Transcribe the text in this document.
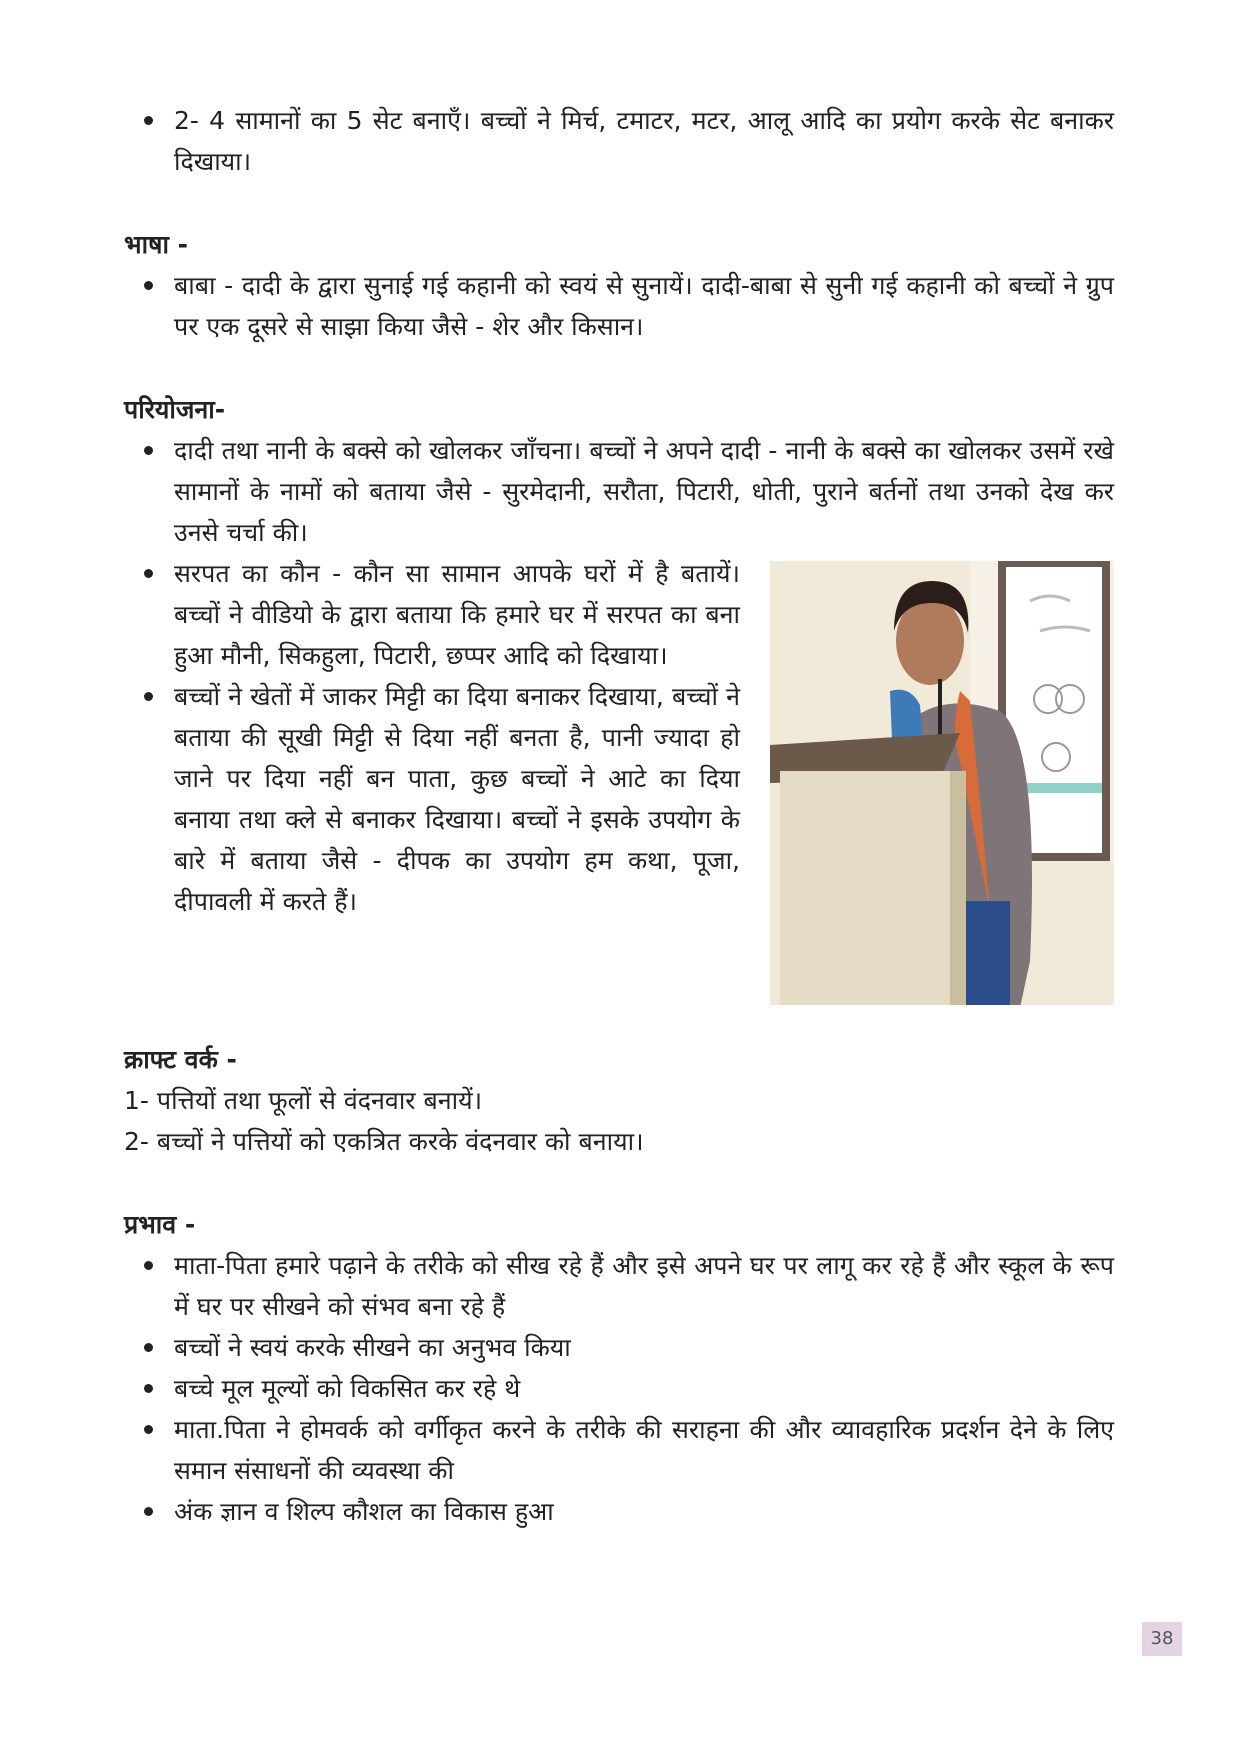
2- 4 सामानों का 5 सेट बनाएँ। बच्चों ने मिर्च, टमाटर, मटर, आलू आदि का प्रयोग करके सेट बनाकर दिखाया।
भाषा -
बाबा - दादी के द्वारा सुनाई गई कहानी को स्वयं से सुनायें। दादी-बाबा से सुनी गई कहानी को बच्चों ने ग्रुप पर एक दूसरे से साझा किया जैसे - शेर और किसान।
परियोजना-
दादी तथा नानी के बक्से को खोलकर जाँचना। बच्चों ने अपने दादी - नानी के बक्से का खोलकर उसमें रखे सामानों के नामों को बताया जैसे - सुरमेदानी, सरौता, पिटारी, धोती, पुराने बर्तनों तथा उनको देख कर उनसे चर्चा की।
सरपत का कौन - कौन सा सामान आपके घरों में है बतायें। बच्चों ने वीडियो के द्वारा बताया कि हमारे घर में सरपत का बना हुआ मौनी, सिकहुला, पिटारी, छप्पर आदि को दिखाया।
बच्चों ने खेतों में जाकर मिट्टी का दिया बनाकर दिखाया, बच्चों ने बताया की सूखी मिट्टी से दिया नहीं बनता है, पानी ज्यादा हो जाने पर दिया नहीं बन पाता, कुछ बच्चों ने आटे का दिया बनाया तथा क्ले से बनाकर दिखाया। बच्चों ने इसके उपयोग के बारे में बताया जैसे - दीपक का उपयोग हम कथा, पूजा, दीपावली में करते हैं।
क्राफ्ट वर्क -

1- पत्तियों तथा फूलों से वंदनवार बनायें।

2- बच्चों ने पत्तियों को एकत्रित करके वंदनवार को बनाया।

प्रभाव -
माता-पिता हमारे पढ़ाने के तरीके को सीख रहे हैं और इसे अपने घर पर लागू कर रहे हैं और स्कूल के रूप में घर पर सीखने को संभव बना रहे हैं
बच्चों ने स्वयं करके सीखने का अनुभव किया
बच्चे मूल मूल्यों को विकसित कर रहे थे
माता.पिता ने होमवर्क को वर्गीकृत करने के तरीके की सराहना की और व्यावहारिक प्रदर्शन देने के लिए समान संसाधनों की व्यवस्था की
अंक ज्ञान व शिल्प कौशल का विकास हुआ
38
